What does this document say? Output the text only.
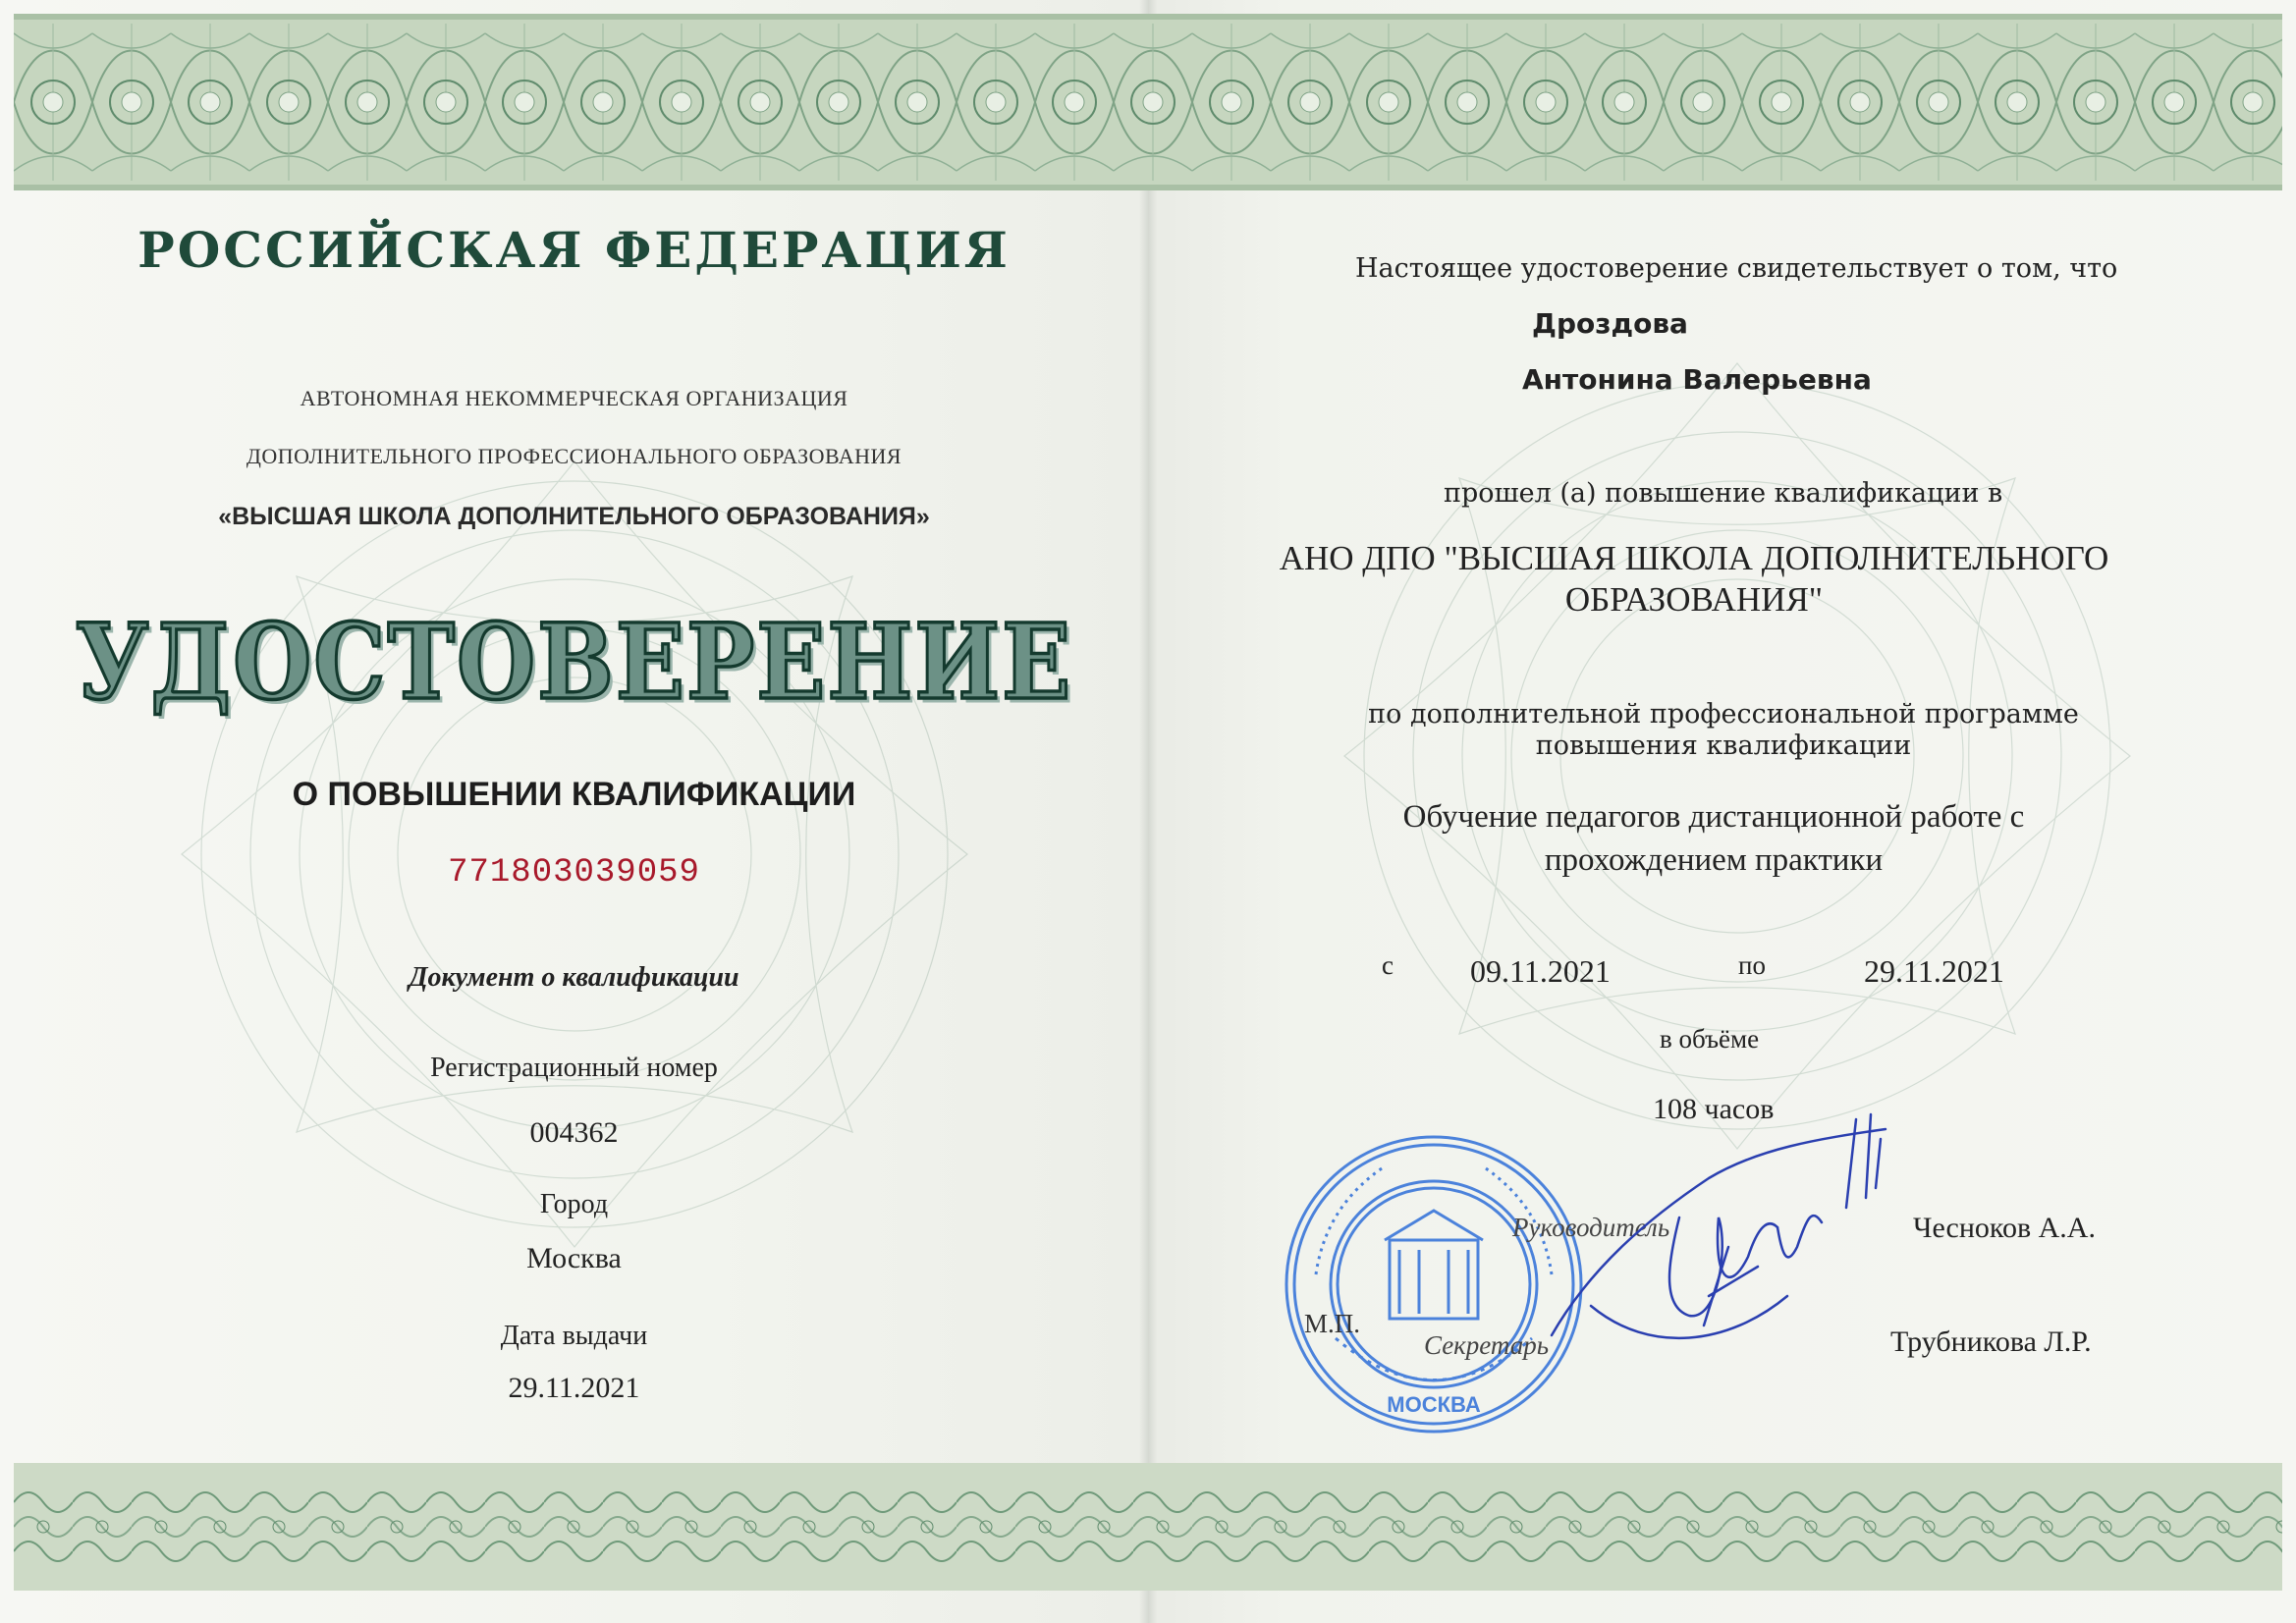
РОССИЙСКАЯ ФЕДЕРАЦИЯ
АВТОНОМНАЯ НЕКОММЕРЧЕСКАЯ ОРГАНИЗАЦИЯ
ДОПОЛНИТЕЛЬНОГО ПРОФЕССИОНАЛЬНОГО ОБРАЗОВАНИЯ
«ВЫСШАЯ ШКОЛА ДОПОЛНИТЕЛЬНОГО ОБРАЗОВАНИЯ»
УДОСТОВЕРЕНИЕ
О ПОВЫШЕНИИ КВАЛИФИКАЦИИ
771803039059
Документ о квалификации
Регистрационный номер
004362
Город
Москва
Дата выдачи
29.11.2021
Настоящее удостоверение свидетельствует о том, что
Дроздова
Антонина Валерьевна
прошел (а) повышение квалификации в
АНО ДПО "ВЫСШАЯ ШКОЛА ДОПОЛНИТЕЛЬНОГО
ОБРАЗОВАНИЯ"
по дополнительной профессиональной программе
повышения квалификации
Обучение педагогов дистанционной работе с
прохождением практики
с 09.11.2021	по	29.11.2021
в объёме
108 часов
МОСКВА
Руководитель	Чесноков А.А.
М.П.
Секретарь	Трубникова Л.Р.
